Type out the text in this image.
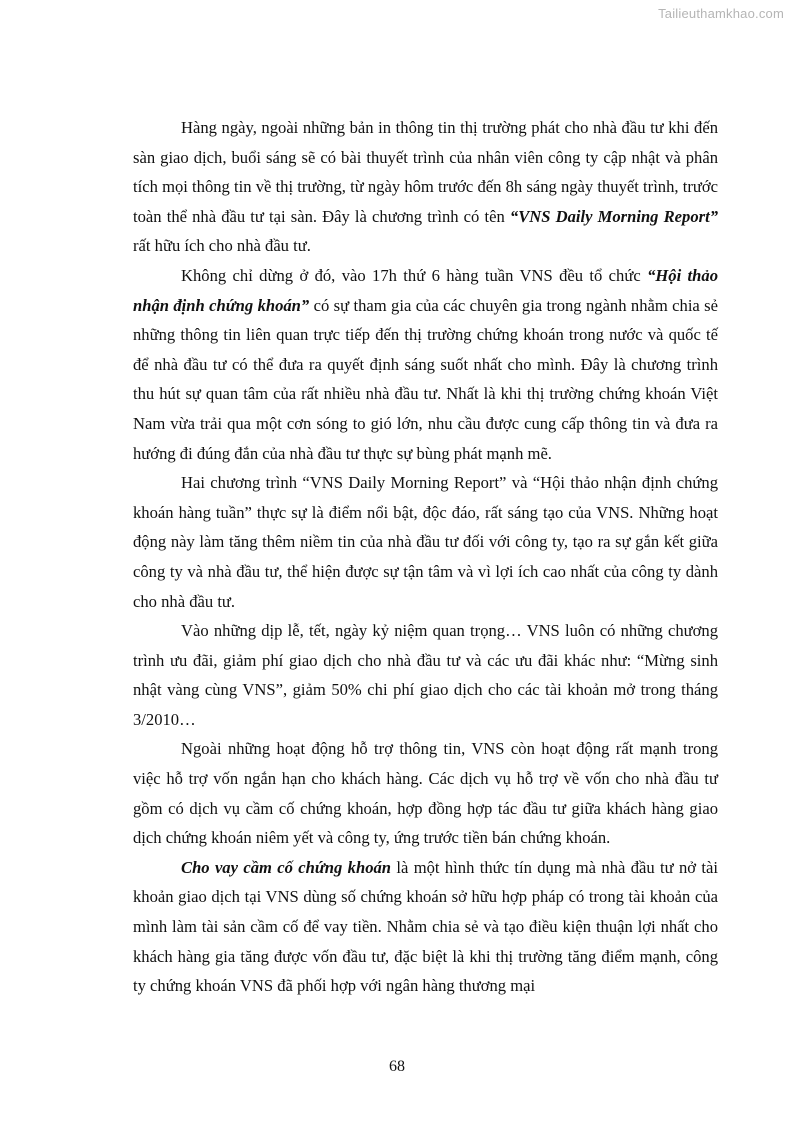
Tailieuthamkhao.com

Hàng ngày, ngoài những bản in thông tin thị trường phát cho nhà đầu tư khi đến sàn giao dịch, buổi sáng sẽ có bài thuyết trình của nhân viên công ty cập nhật và phân tích mọi thông tin về thị trường, từ ngày hôm trước đến 8h sáng ngày thuyết trình, trước toàn thể nhà đầu tư tại sàn. Đây là chương trình có tên “VNS Daily Morning Report” rất hữu ích cho nhà đầu tư.

Không chỉ dừng ở đó, vào 17h thứ 6 hàng tuần VNS đều tổ chức “Hội thảo nhận định chứng khoán” có sự tham gia của các chuyên gia trong ngành nhằm chia sẻ những thông tin liên quan trực tiếp đến thị trường chứng khoán trong nước và quốc tế để nhà đầu tư có thể đưa ra quyết định sáng suốt nhất cho mình. Đây là chương trình thu hút sự quan tâm của rất nhiều nhà đầu tư. Nhất là khi thị trường chứng khoán Việt Nam vừa trải qua một cơn sóng to gió lớn, nhu cầu được cung cấp thông tin và đưa ra hướng đi đúng đắn của nhà đầu tư thực sự bùng phát mạnh mẽ.

Hai chương trình “VNS Daily Morning Report” và “Hội thảo nhận định chứng khoán hàng tuần” thực sự là điểm nổi bật, độc đáo, rất sáng tạo của VNS. Những hoạt động này làm tăng thêm niềm tin của nhà đầu tư đối với công ty, tạo ra sự gắn kết giữa công ty và nhà đầu tư, thể hiện được sự tận tâm và vì lợi ích cao nhất của công ty dành cho nhà đầu tư.

Vào những dịp lễ, tết, ngày kỷ niệm quan trọng… VNS luôn có những chương trình ưu đãi, giảm phí giao dịch cho nhà đầu tư và các ưu đãi khác như: “Mừng sinh nhật vàng cùng VNS”, giảm 50% chi phí giao dịch cho các tài khoản mở trong tháng 3/2010…

Ngoài những hoạt động hỗ trợ thông tin, VNS còn hoạt động rất mạnh trong việc hỗ trợ vốn ngắn hạn cho khách hàng. Các dịch vụ hỗ trợ về vốn cho nhà đầu tư gồm có dịch vụ cầm cố chứng khoán, hợp đồng hợp tác đầu tư giữa khách hàng giao dịch chứng khoán niêm yết và công ty, ứng trước tiền bán chứng khoán.

Cho vay cầm cố chứng khoán là một hình thức tín dụng mà nhà đầu tư nở tài khoản giao dịch tại VNS dùng số chứng khoán sở hữu hợp pháp có trong tài khoản của mình làm tài sản cầm cố để vay tiền. Nhằm chia sẻ và tạo điều kiện thuận lợi nhất cho khách hàng gia tăng được vốn đầu tư, đặc biệt là khi thị trường tăng điểm mạnh, công ty chứng khoán VNS đã phối hợp với ngân hàng thương mại

68
